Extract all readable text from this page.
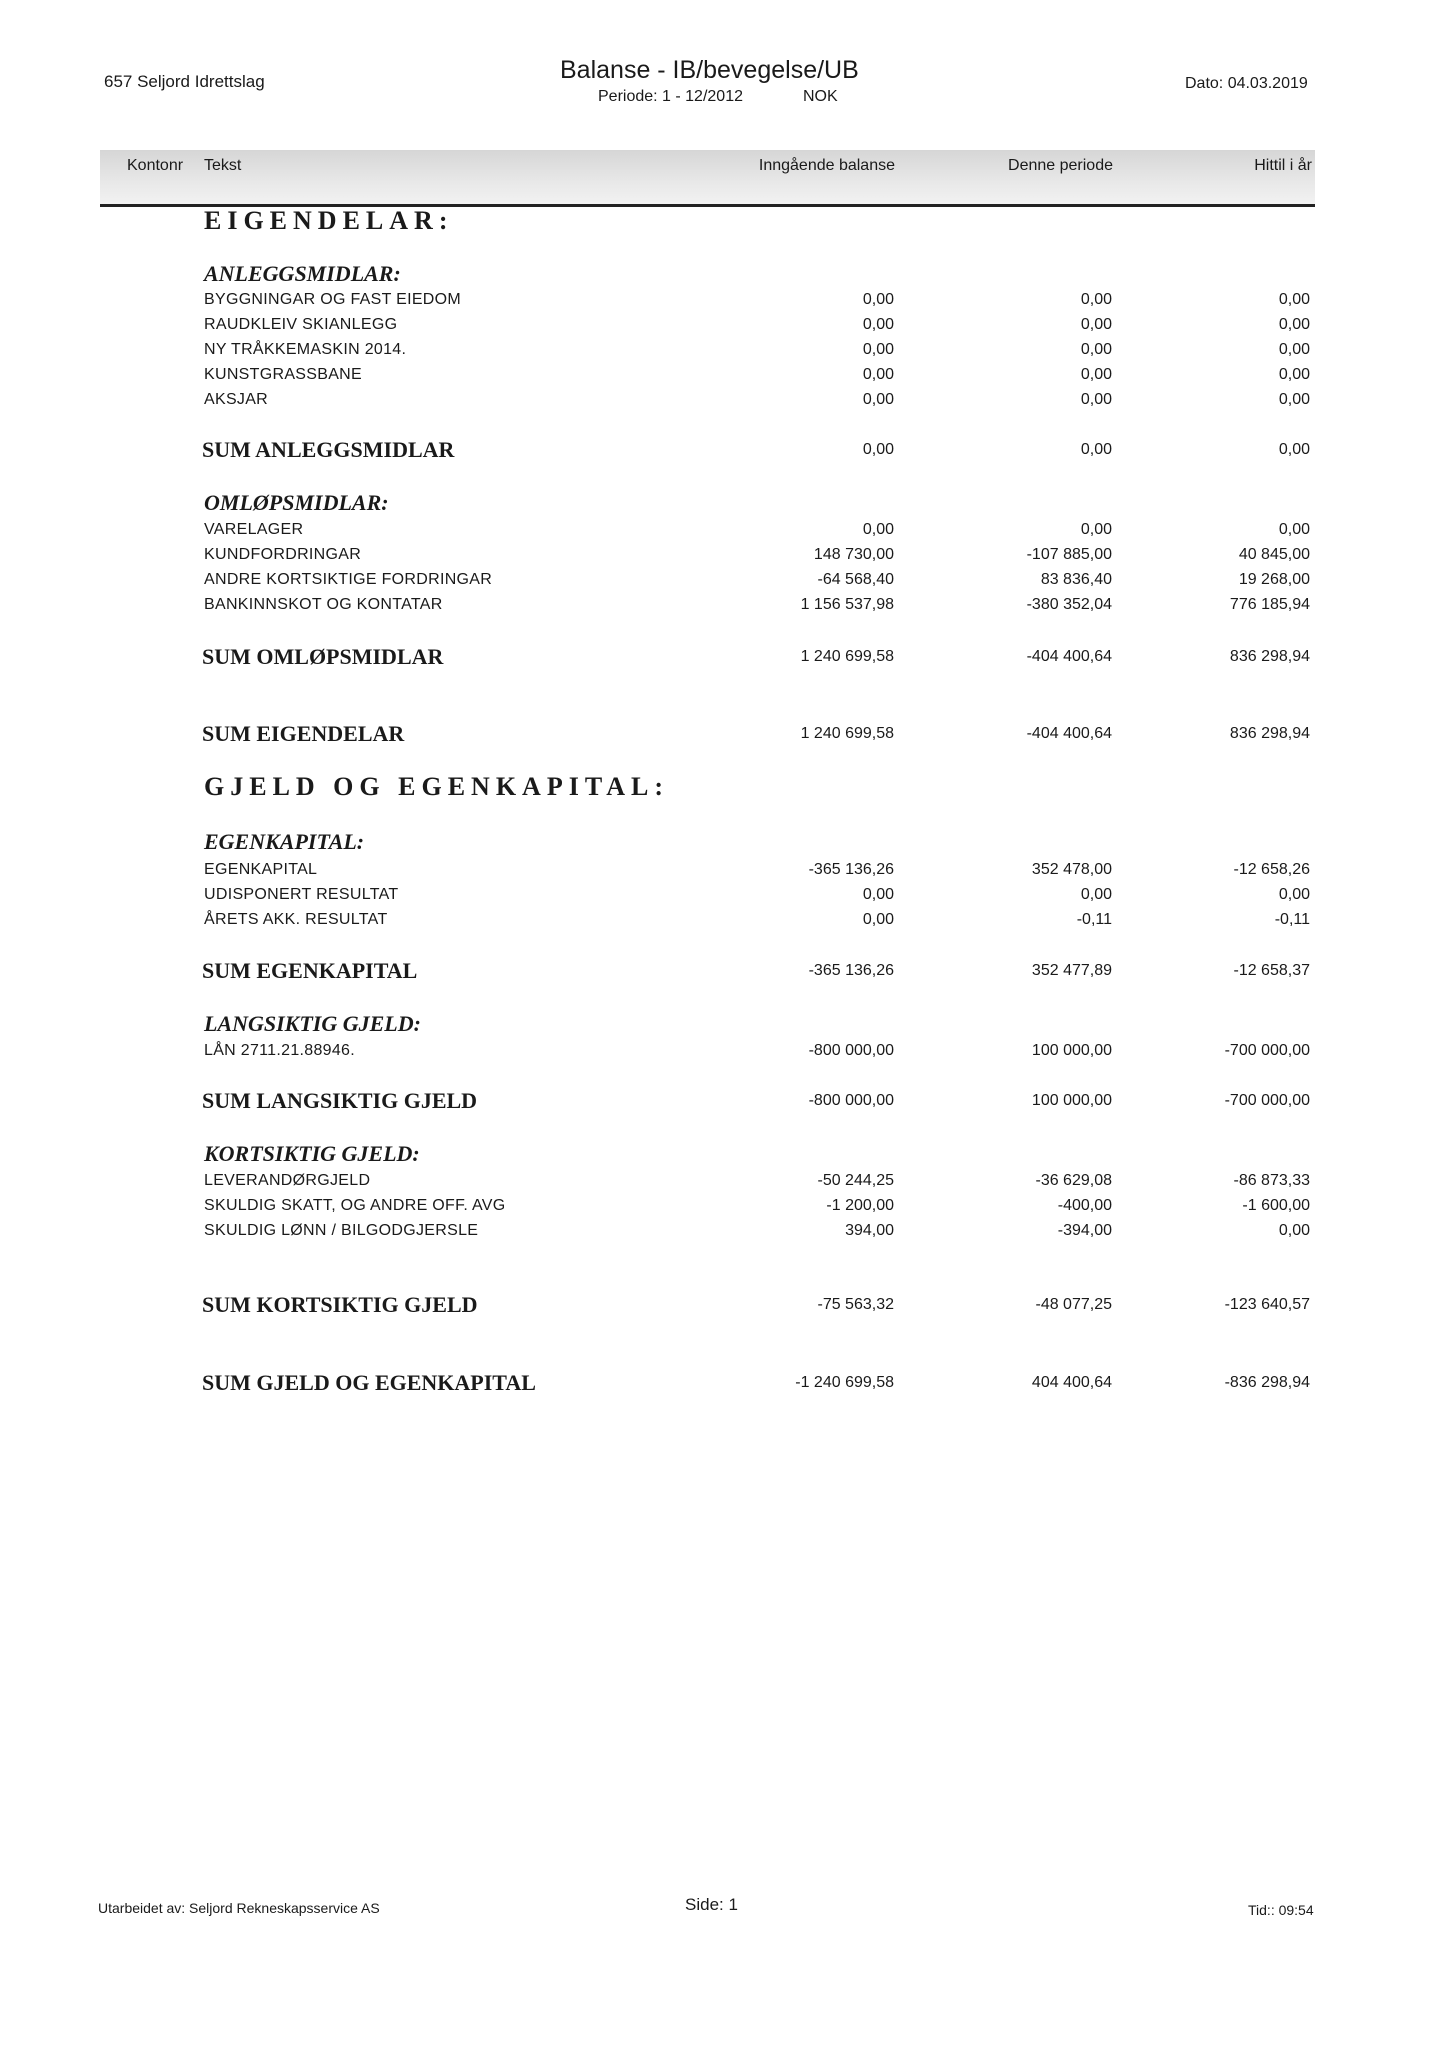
657 Seljord Idrettslag	Balanse - IB/bevegelse/UB
Periode: 1 - 12/2012	NOK
Dato: 04.03.2019
Kontonr Tekst	Inngående balanse	Denne periode	Hittil i år
EIGENDELAR:
ANLEGGSMIDLAR:
BYGGNINGAR OG FAST EIEDOM	0,00	0,00	0,00
RAUDKLEIV SKIANLEGG	0,00	0,00	0,00
NY TRÅKKEMASKIN 2014.	0,00	0,00	0,00
KUNSTGRASSBANE	0,00	0,00	0,00
AKSJAR	0,00	0,00	0,00
SUM ANLEGGSMIDLAR	0,00	0,00	0,00
OMLØPSMIDLAR:
VARELAGER	0,00	0,00	0,00
KUNDFORDRINGAR	148 730,00	-107 885,00	40 845,00
ANDRE KORTSIKTIGE FORDRINGAR	-64 568,40	83 836,40	19 268,00
BANKINNSKOT OG KONTATAR	1 156 537,98	-380 352,04	776 185,94
SUM OMLØPSMIDLAR	1 240 699,58	-404 400,64	836 298,94
SUM EIGENDELAR	1 240 699,58	-404 400,64	836 298,94
GJELD OG EGENKAPITAL:
EGENKAPITAL:
EGENKAPITAL	-365 136,26	352 478,00	-12 658,26
UDISPONERT RESULTAT	0,00	0,00	0,00
ÅRETS AKK. RESULTAT	0,00	-0,11	-0,11
SUM EGENKAPITAL	-365 136,26	352 477,89	-12 658,37
LANGSIKTIG GJELD:
LÅN 2711.21.88946.	-800 000,00	100 000,00	-700 000,00
SUM LANGSIKTIG GJELD	-800 000,00	100 000,00	-700 000,00
KORTSIKTIG GJELD:
LEVERANDØRGJELD	-50 244,25	-36 629,08	-86 873,33
SKULDIG SKATT, OG ANDRE OFF. AVG	-1 200,00	-400,00	-1 600,00
SKULDIG LØNN / BILGODGJERSLE	394,00	-394,00	0,00
SUM KORTSIKTIG GJELD	-75 563,32	-48 077,25	-123 640,57
SUM GJELD OG EGENKAPITAL	-1 240 699,58	404 400,64	-836 298,94
Utarbeidet av: Seljord Rekneskapsservice AS	Side: 1	Tid:: 09:54
